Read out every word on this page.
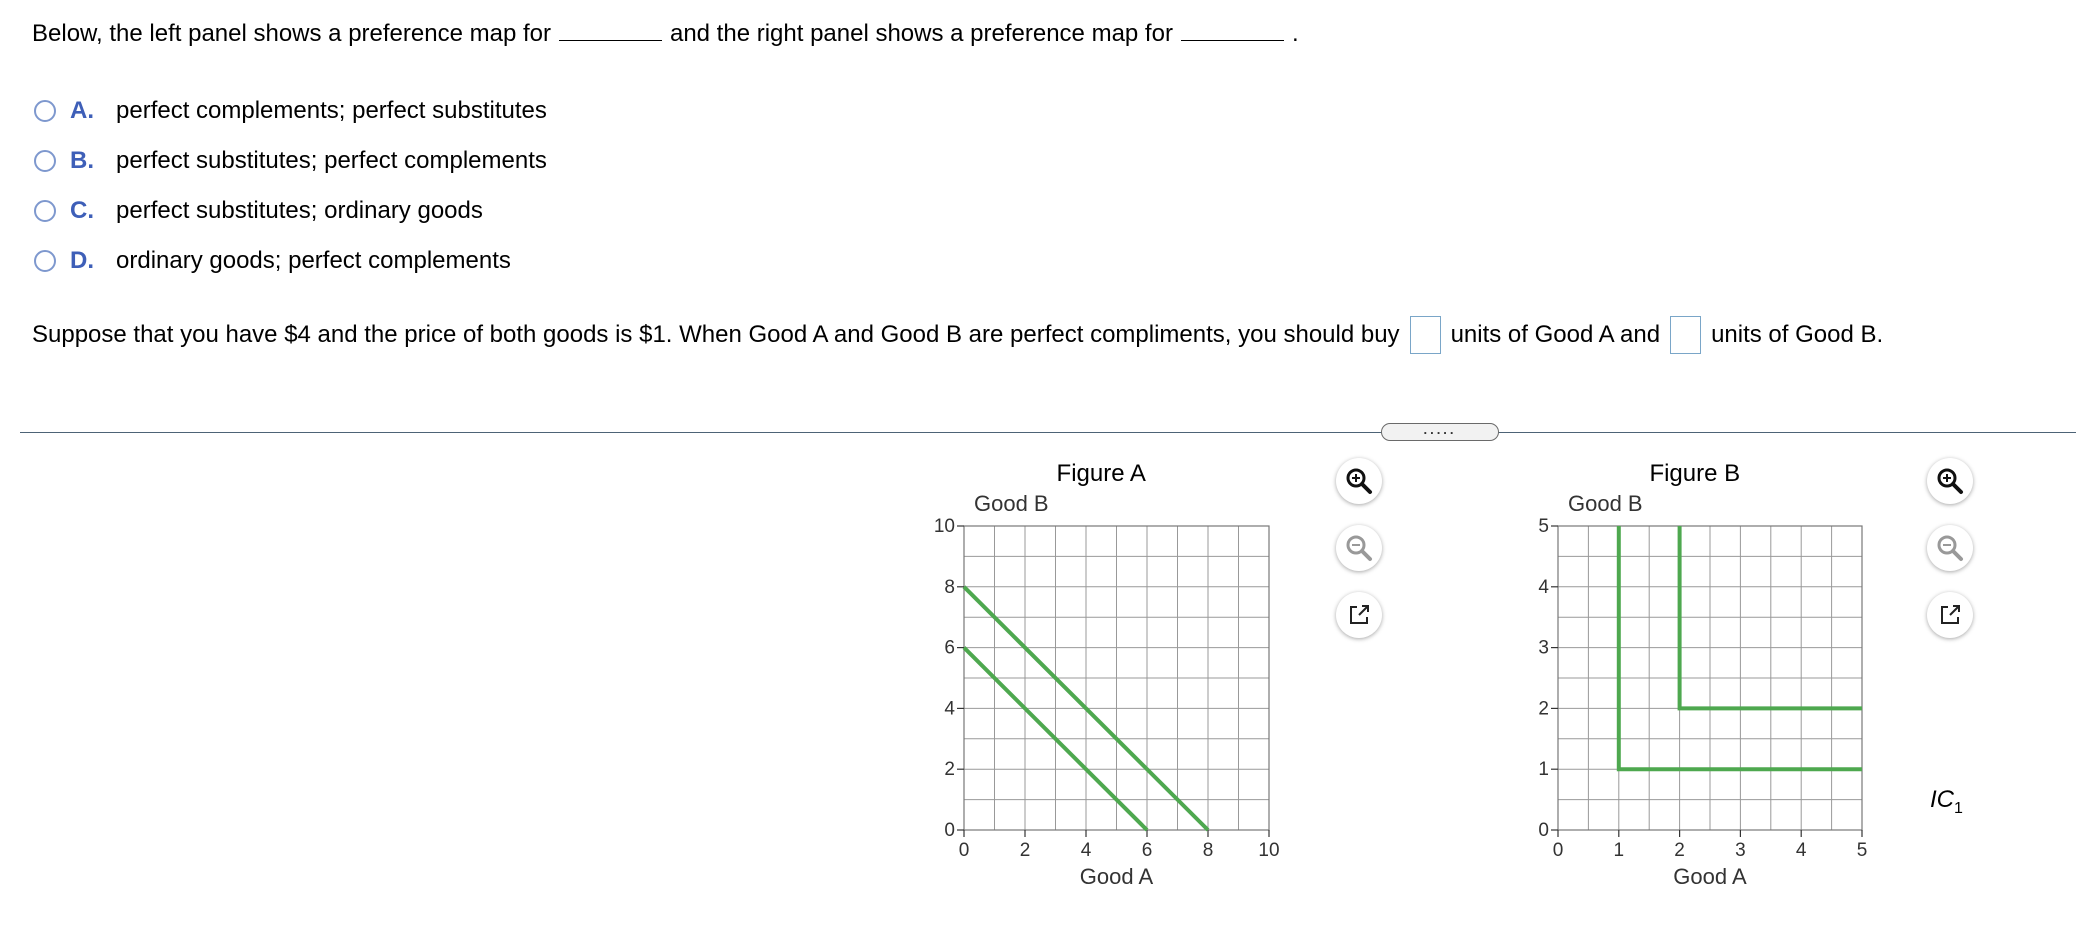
Below, the left panel shows a preference map for	and the right panel shows a preference map for	.
A. perfect complements; perfect substitutes
B. perfect substitutes; perfect complements
C. perfect substitutes; ordinary goods
D. ordinary goods; perfect complements
Suppose that you have $4 and the price of both goods is $1. When Good A and Good B are perfect compliments, you should buy units of Good A and units of Good B.
.....
0
0
2
2
4
4
6
6
8
8
10
10
Figure A
Good B
Good A
0
0
1
1
2
2
3
3
4
4
5
5
Figure B
Good B
Good A
$IC_1$
